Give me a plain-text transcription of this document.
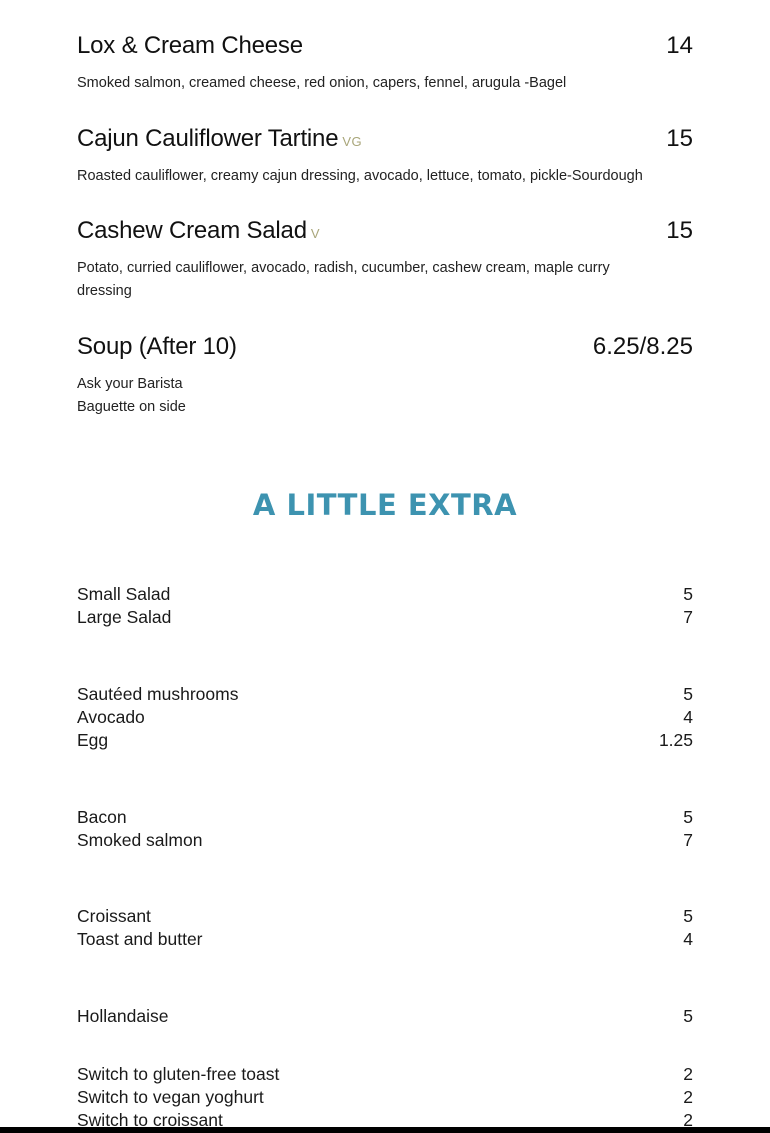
Lox & Cream Cheese	14
Smoked salmon, creamed cheese, red onion, capers, fennel, arugula -Bagel
Cajun Cauliflower Tartine VG	15
Roasted cauliflower, creamy cajun dressing, avocado, lettuce, tomato, pickle-Sourdough
Cashew Cream Salad V	15
Potato, curried cauliflower, avocado, radish, cucumber, cashew cream, maple curry
dressing
Soup (After 10)	6.25/8.25
Ask your Barista
Baguette on side
A LITTLE EXTRA
Small Salad	5
Large Salad	7
Sautéed mushrooms	5
Avocado	4
Egg	1.25
Bacon	5
Smoked salmon	7
Croissant	5
Toast and butter	4
Hollandaise	5
Switch to gluten-free toast	2
Switch to vegan yoghurt	2
Switch to croissant	2
